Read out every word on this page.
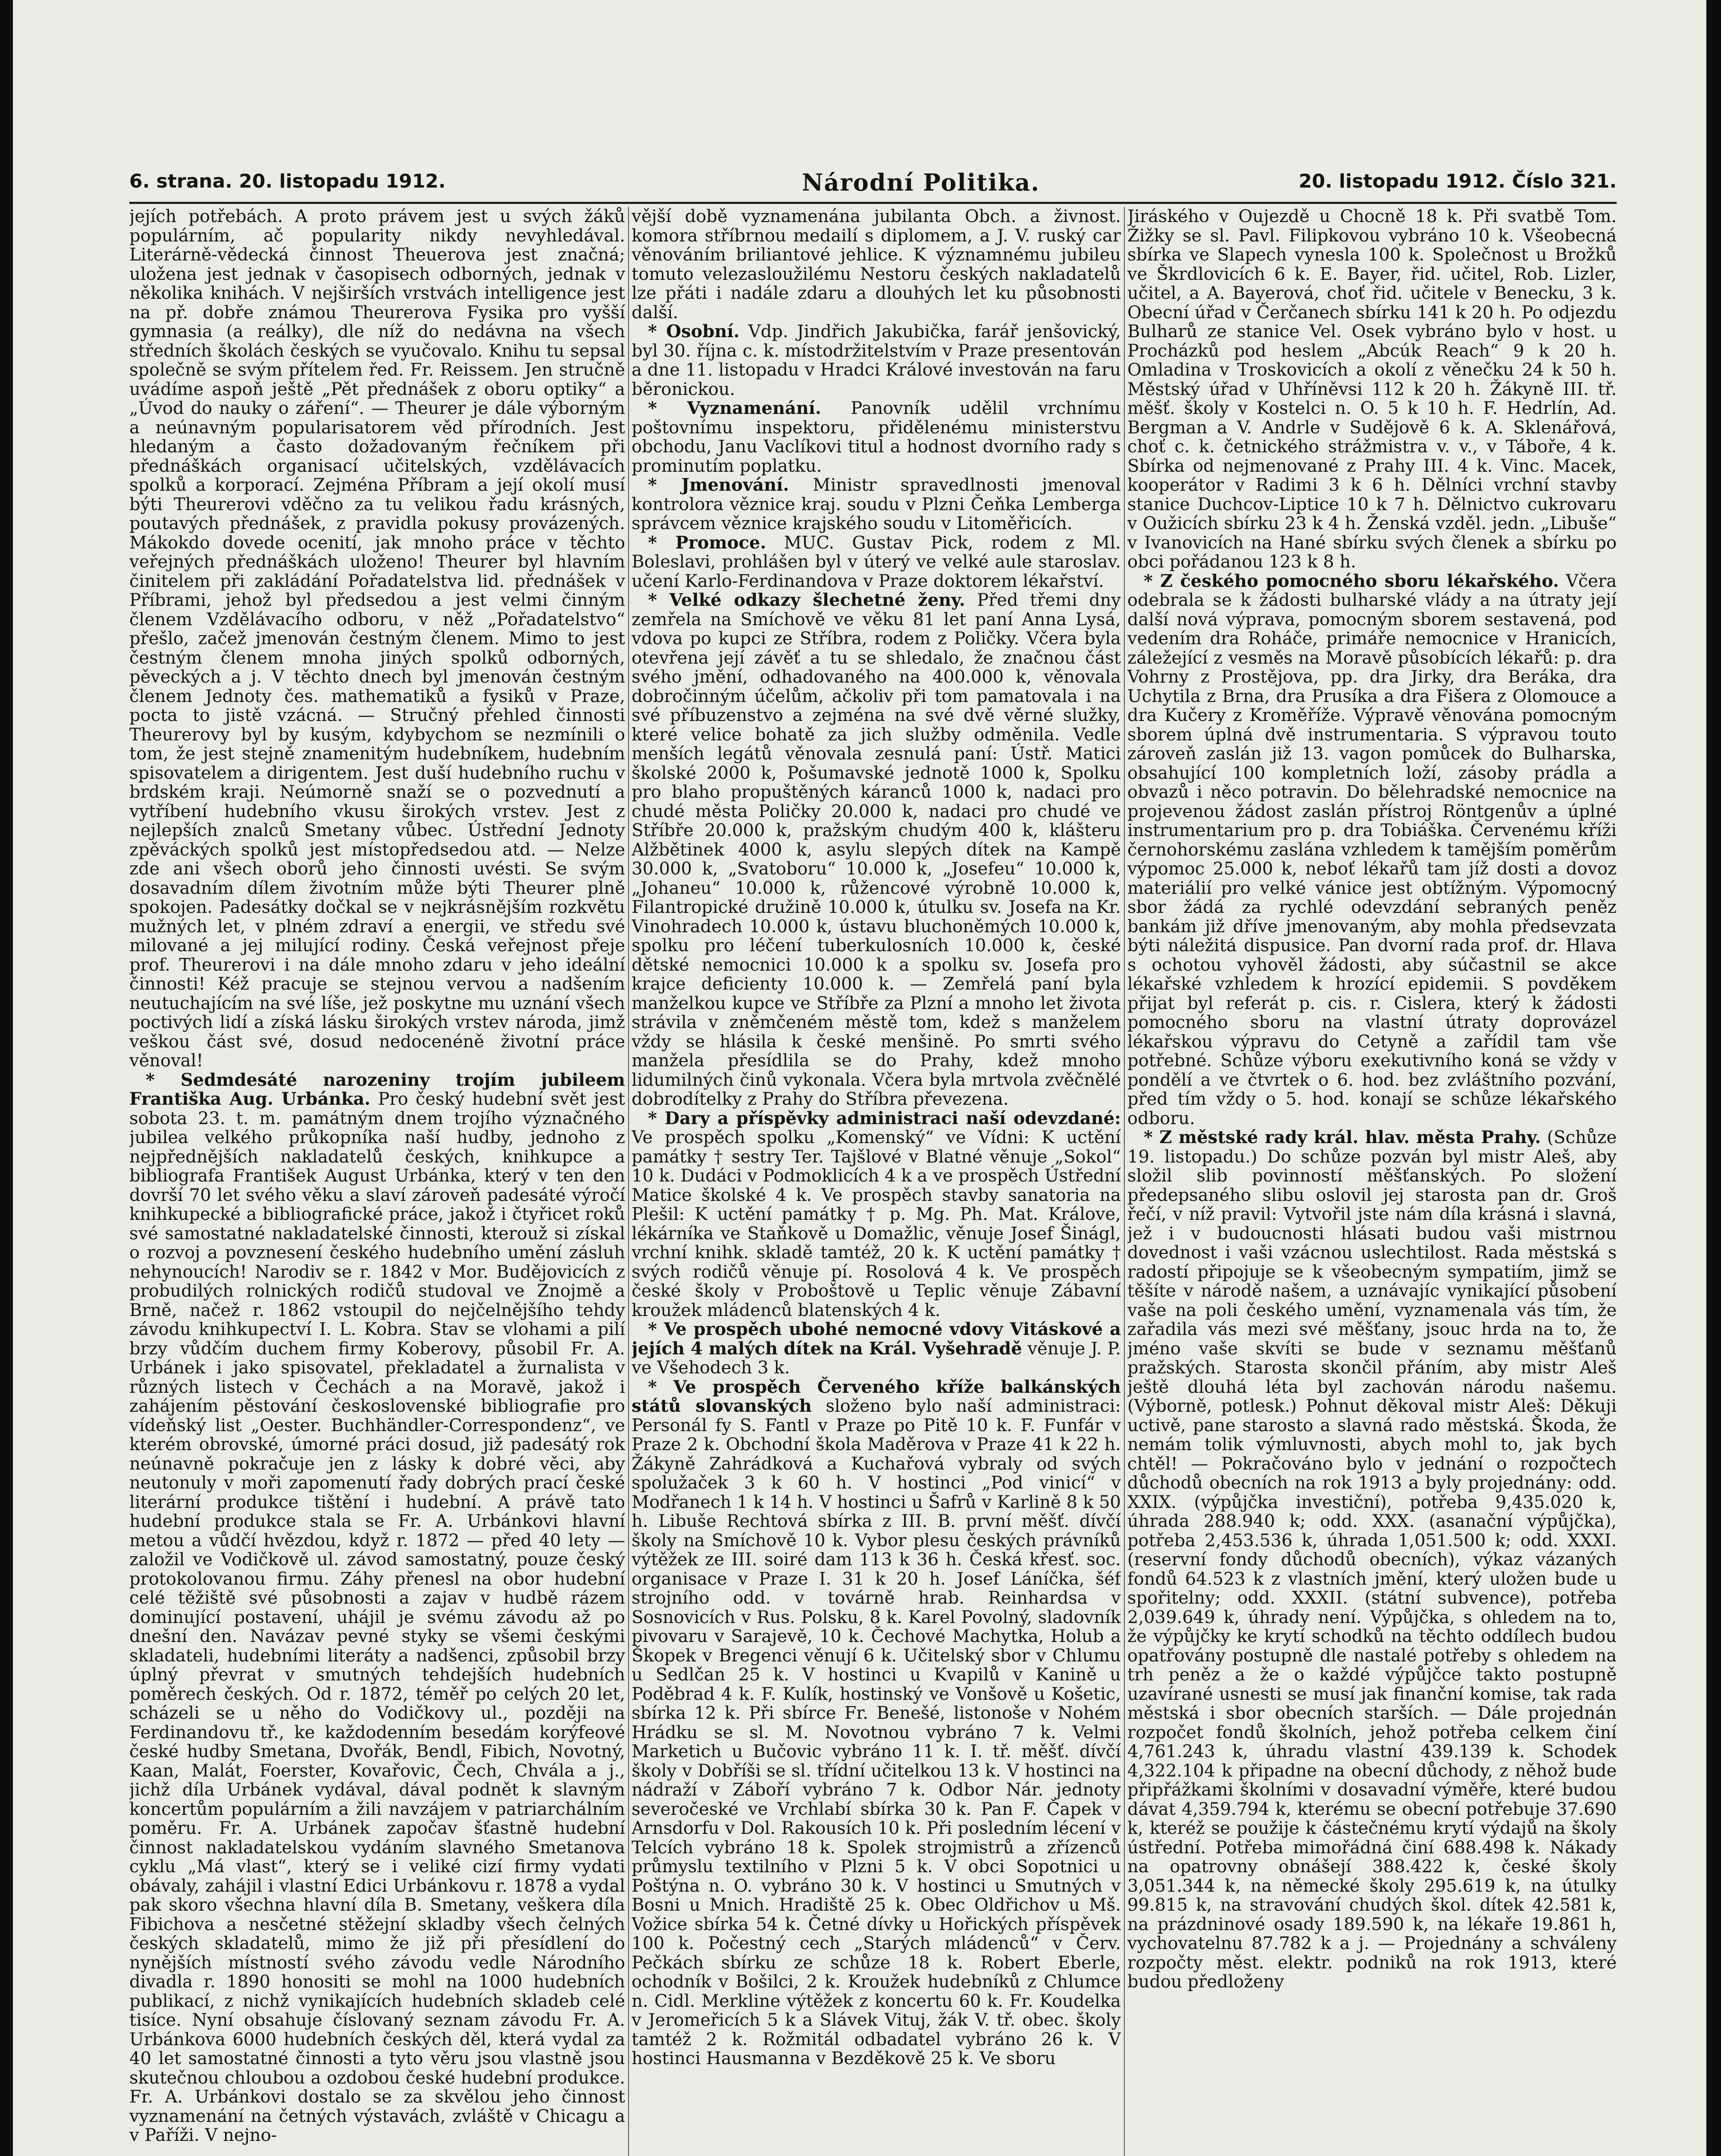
6. strana. 20. listopadu 1912.	Národní Politika.	20. listopadu 1912. Číslo 321.

jejích potřebách. A proto právem jest u svých žáků populárním, ač popularity nikdy nevyhledával. Literárně-vědecká činnost Theuerova jest značná; uložena jest jednak v časopisech odborných, jednak v několika knihách. V nejširších vrstvách intelligence jest na př. dobře známou Theurerova Fysika pro vyšší gymnasia (a reálky), dle níž do nedávna na všech středních školách českých se vyučovalo. Knihu tu sepsal společně se svým přítelem řed. Fr. Reissem. Jen stručně uvádíme aspoň ještě „Pět přednášek z oboru optiky“ a „Úvod do nauky o záření“. — Theurer je dále výborným a neúnavným popularisatorem věd přírodních. Jest hledaným a často dožadovaným řečníkem při přednáškách organisací učitelských, vzdělávacích spolků a korporací. Zejména Příbram a její okolí musí býti Theurerovi vděčno za tu velikou řadu krásných, poutavých přednášek, z pravidla pokusy provázených. Mákokdo dovede ocenití, jak mnoho práce v těchto veřejných přednáškách uloženo! Theurer byl hlavním činitelem při zakládání Pořadatelstva lid. přednášek v Příbrami, jehož byl předsedou a jest velmi činným členem Vzdělávacího odboru, v něž „Pořadatelstvo“ přešlo, začež jmenován čestným členem. Mimo to jest čestným členem mnoha jiných spolků odborných, pěveckých a j. V těchto dnech byl jmenován čestným členem Jednoty čes. mathematiků a fysiků v Praze, pocta to jistě vzácná. — Stručný přehled činnosti Theurerovy byl by kusým, kdybychom se nezmínili o tom, že jest stejně znamenitým hudebníkem, hudebním spisovatelem a dirigentem. Jest duší hudebního ruchu v brdském kraji. Neúmorně snaží se o pozvednutí a vytříbení hudebního vkusu širokých vrstev. Jest z nejlepších znalců Smetany vůbec. Ústřední Jednoty zpěváckých spolků jest místopředsedou atd. — Nelze zde ani všech oborů jeho činnosti uvésti. Se svým dosavadním dílem životním může býti Theurer plně spokojen. Padesátky dočkal se v nejkrásnějším rozkvětu mužných let, v plném zdraví a energii, ve středu své milované a jej milující rodiny. Česká veřejnost přeje prof. Theurerovi i na dále mnoho zdaru v jeho ideální činnosti! Kéž pracuje se stejnou vervou a nadšením neutuchajícím na své líše, jež poskytne mu uznání všech poctivých lidí a získá lásku širokých vrstev národa, jimž veškou část své, dosud nedocenéně životní práce věnoval!

* Sedmdesáté narozeniny trojím jubileem Františka Aug. Urbánka. Pro český hudební svět jest sobota 23. t. m. památným dnem trojího význačného jubilea velkého průkopníka naší hudby, jednoho z nejpřednějších nakladatelů českých, knihkupce a bibliografa František August Urbánka, který v ten den dovrší 70 let svého věku a slaví zároveň padesáté výročí knihkupecké a bibliografické práce, jakož i čtyřicet roků své samostatné nakladatelské činnosti, kterouž si získal o rozvoj a povznesení českého hudebního umění zásluh nehynoucích! Narodiv se r. 1842 v Mor. Budějovicích z probudilých rolnických rodičů studoval ve Znojmě a Brně, načež r. 1862 vstoupil do nejčelnějšího tehdy závodu knihkupectví I. L. Kobra. Stav se vlohami a pilí brzy vůdčím duchem firmy Koberovy, působil Fr. A. Urbánek i jako spisovatel, překladatel a žurnalista v různých listech v Čechách a na Moravě, jakož i zahájením pěstování československé bibliografie pro vídeňský list „Oester. Buchhändler-Correspondenz“, ve kterém obrovské, úmorné práci dosud, již padesátý rok neúnavně pokračuje jen z lásky k dobré věci, aby neutonuly v moři zapomenutí řady dobrých prací české literární produkce tištění i hudební. A právě tato hudební produkce stala se Fr. A. Urbánkovi hlavní metou a vůdčí hvězdou, když r. 1872 — před 40 lety — založil ve Vodičkově ul. závod samostatný, pouze český protokolovanou firmu. Záhy přenesl na obor hudební celé těžiště své působnosti a zajav v hudbě rázem dominující postavení, uhájil je svému závodu až po dnešní den. Navázav pevné styky se všemi českými skladateli, hudebními literáty a nadšenci, způsobil brzy úplný převrat v smutných tehdejších hudebních poměrech českých. Od r. 1872, téměř po celých 20 let, scházeli se u něho do Vodičkovy ul., později na Ferdinandovu tř., ke každodenním besedám korýfeové české hudby Smetana, Dvořák, Bendl, Fibich, Novotný, Kaan, Malát, Foerster, Kovařovic, Čech, Chvála a j., jichž díla Urbánek vydával, dával podnět k slavným koncertům populárním a žili navzájem v patriarchálním poměru. Fr. A. Urbánek započav šťastně hudební činnost nakladatelskou vydáním slavného Smetanova cyklu „Má vlast“, který se i veliké cizí firmy vydati obávaly, zahájil i vlastní Edici Urbánkovu r. 1878 a vydal pak skoro všechna hlavní díla B. Smetany, veškera díla Fibichova a nesčetné stěžejní skladby všech čelných českých skladatelů, mimo že již při přesídlení do nynějších místností svého závodu vedle Národního divadla r. 1890 honositi se mohl na 1000 hudebních publikací, z nichž vynikajících hudebních skladeb celé tisíce. Nyní obsahuje číslovaný seznam závodu Fr. A. Urbánkova 6000 hudebních českých děl, která vydal za 40 let samostatné činnosti a tyto věru jsou vlastně jsou skutečnou chloubou a ozdobou české hudební produkce. Fr. A. Urbánkovi dostalo se za skvělou jeho činnost vyznamenání na četných výstavách, zvláště v Chicagu a v Paříži. V nejno-

vější době vyznamenána jubilanta Obch. a živnost. komora stříbrnou medailí s diplomem, a J. V. ruský car věnováním briliantové jehlice. K významnému jubileu tomuto velezasloužilému Nestoru českých nakladatelů lze přáti i nadále zdaru a dlouhých let ku působnosti další.

* Osobní. Vdp. Jindřich Jakubička, farář jenšovický, byl 30. října c. k. místodržitelstvím v Praze presentován a dne 11. listopadu v Hradci Králové investován na faru běronickou.

* Vyznamenání. Panovník udělil vrchnímu poštovnímu inspektoru, přidělenému ministerstvu obchodu, Janu Vaclíkovi titul a hodnost dvorního rady s prominutím poplatku.

* Jmenování. Ministr spravedlnosti jmenoval kontrolora věznice kraj. soudu v Plzni Čeňka Lemberga správcem věznice krajského soudu v Litoměřicích.

* Promoce. MUC. Gustav Pick, rodem z Ml. Boleslavi, prohlášen byl v úterý ve velké aule staroslav. učení Karlo-Ferdinandova v Praze doktorem lékařství.

* Velké odkazy šlechetné ženy. Před třemi dny zemřela na Smíchově ve věku 81 let paní Anna Lysá, vdova po kupci ze Stříbra, rodem z Poličky. Včera byla otevřena její závěť a tu se shledalo, že značnou část svého jmění, odhadovaného na 400.000 k, věnovala dobročinným účelům, ačkoliv při tom pamatovala i na své příbuzenstvo a zejména na své dvě věrné služky, které velice bohatě za jich služby odměnila. Vedle menších legátů věnovala zesnulá paní: Ústř. Matici školské 2000 k, Pošumavské jednotě 1000 k, Spolku pro blaho propuštěných káranců 1000 k, nadaci pro chudé města Poličky 20.000 k, nadaci pro chudé ve Stříbře 20.000 k, pražským chudým 400 k, klášteru Alžbětinek 4000 k, asylu slepých dítek na Kampě 30.000 k, „Svatoboru“ 10.000 k, „Josefeu“ 10.000 k, „Johaneu“ 10.000 k, růžencové výrobně 10.000 k, Filantropické družině 10.000 k, útulku sv. Josefa na Kr. Vinohradech 10.000 k, ústavu bluchoněmých 10.000 k, spolku pro léčení tuberkulosních 10.000 k, české dětské nemocnici 10.000 k a spolku sv. Josefa pro krajce deficienty 10.000 k. — Zemřelá paní byla manželkou kupce ve Stříbře za Plzní a mnoho let života strávila v zněmčeném městě tom, kdež s manželem vždy se hlásila k české menšině. Po smrti svého manžela přesídlila se do Prahy, kdež mnoho lidumilných činů vykonala. Včera byla mrtvola zvěčnělé dobrodítelky z Prahy do Stříbra převezena.

* Dary a příspěvky administraci naší odevzdané: Ve prospěch spolku „Komenský“ ve Vídni: K uctění památky † sestry Ter. Tajšlové v Blatné věnuje „Sokol“ 10 k. Dudáci v Podmoklicích 4 k a ve prospěch Ústřední Matice školské 4 k. Ve prospěch stavby sanatoria na Plešil: K uctění památky † p. Mg. Ph. Mat. Králove, lékárníka ve Staňkově u Domažlic, věnuje Josef Šinágl, vrchní knihk. skladě tamtéž, 20 k. K uctění památky † svých rodičů věnuje pí. Rosolová 4 k. Ve prospěch české školy v Proboštově u Teplic věnuje Zábavní kroužek mládenců blatenských 4 k.

* Ve prospěch ubohé nemocné vdovy Vitáskové a jejích 4 malých dítek na Král. Vyšehradě věnuje J. P. ve Všehodech 3 k.

* Ve prospěch Červeného kříže balkánských států slovanských složeno bylo naší administraci: Personál fy S. Fantl v Praze po Pitě 10 k. F. Funfár v Praze 2 k. Obchodní škola Maděrova v Praze 41 k 22 h. Žákyně Zahrádková a Kuchařová vybraly od svých spolužaček 3 k 60 h. V hostinci „Pod vinicí“ v Modřanech 1 k 14 h. V hostinci u Šafrů v Karlině 8 k 50 h. Libuše Rechtová sbírka z III. B. první měšť. dívčí školy na Smíchově 10 k. Vybor plesu českých právníků výtěžek ze III. soiré dam 113 k 36 h. Česká křesť. soc. organisace v Praze I. 31 k 20 h. Josef Láníčka, šéf strojního odd. v továrně hrab. Reinhardsa v Sosnovicích v Rus. Polsku, 8 k. Karel Povolný, sladovník pivovaru v Sarajevě, 10 k. Čechové Machytka, Holub a Škopek v Bregenci věnují 6 k. Učitelský sbor v Chlumu u Sedlčan 25 k. V hostinci u Kvapilů v Kanině u Poděbrad 4 k. F. Kulík, hostinský ve Vonšově u Košetic, sbírka 12 k. Při sbírce Fr. Benešé, listonoše v Nohém Hrádku se sl. M. Novotnou vybráno 7 k. Velmi Marketich u Bučovic vybráno 11 k. I. tř. měšť. dívčí školy v Dobříši se sl. třídní učitelkou 13 k. V hostinci na nádraží v Záboří vybráno 7 k. Odbor Nár. jednoty severočeské ve Vrchlabí sbírka 30 k. Pan F. Čapek v Arnsdorfu v Dol. Rakousích 10 k. Při posledním lécení v Telcích vybráno 18 k. Spolek strojmistrů a zřízenců průmyslu textilního v Plzni 5 k. V obci Sopotnici u Poštýna n. O. vybráno 30 k. V hostinci u Smutných v Bosni u Mnich. Hradiště 25 k. Obec Oldřichov u Mš. Vožice sbírka 54 k. Četné dívky u Hořických příspěvek 100 k. Počestný cech „Starých mládenců“ v Červ. Pečkách sbírku ze schůze 18 k. Robert Eberle, ochodník v Bošilci, 2 k. Kroužek hudebníků z Chlumce n. Cidl. Merkline výtěžek z koncertu 60 k. Fr. Koudelka v Jeromeřicích 5 k a Slávek Vituj, žák V. tř. obec. školy tamtéž 2 k. Rožmitál odbadatel vybráno 26 k. V hostinci Hausmanna v Bezděkově 25 k. Ve sboru

Jiráského v Oujezdě u Chocně 18 k. Při svatbě Tom. Žižky se sl. Pavl. Filipkovou vybráno 10 k. Všeobecná sbírka ve Slapech vynesla 100 k. Společnost u Brožků ve Škrdlovicích 6 k. E. Bayer, řid. učitel, Rob. Lizler, učitel, a A. Bayerová, choť řid. učitele v Benecku, 3 k. Obecní úřad v Čerčanech sbírku 141 k 20 h. Po odjezdu Bulharů ze stanice Vel. Osek vybráno bylo v host. u Procházků pod heslem „Abcúk Reach“ 9 k 20 h. Omladina v Troskovicích a okolí z věnečku 24 k 50 h. Městský úřad v Uhříněvsi 112 k 20 h. Žákyně III. tř. měšť. školy v Kostelci n. O. 5 k 10 h. F. Hedrlín, Ad. Bergman a V. Andrle v Sudějově 6 k. A. Sklenářová, choť c. k. četnického strážmistra v. v., v Táboře, 4 k. Sbírka od nejmenované z Prahy III. 4 k. Vinc. Macek, kooperátor v Radimi 3 k 6 h. Dělníci vrchní stavby stanice Duchcov-Liptice 10 k 7 h. Dělnictvo cukrovaru v Oužicích sbírku 23 k 4 h. Ženská vzděl. jedn. „Libuše“ v Ivanovicích na Hané sbírku svých členek a sbírku po obci pořádanou 123 k 8 h.

* Z českého pomocného sboru lékařského. Včera odebrala se k žádosti bulharské vlády a na útraty její další nová výprava, pomocným sborem sestavená, pod vedením dra Roháče, primáře nemocnice v Hranicích, záležející z vesměs na Moravě působících lékařů: p. dra Vohrny z Prostějova, pp. dra Jirky, dra Beráka, dra Uchytila z Brna, dra Prusíka a dra Fišera z Olomouce a dra Kučery z Kroměříže. Výpravě věnována pomocným sborem úplná dvě instrumentaria. S výpravou touto zároveň zaslán již 13. vagon pomůcek do Bulharska, obsahující 100 kompletních loží, zásoby prádla a obvazů i něco potravin. Do bělehradské nemocnice na projevenou žádost zaslán přístroj Röntgenův a úplné instrumentarium pro p. dra Tobiáška. Červenému kříži černohorskému zaslána vzhledem k tamějším poměrům výpomoc 25.000 k, neboť lékařů tam jíž dosti a dovoz materiálií pro velké vánice jest obtížným. Výpomocný sbor žádá za rychlé odevzdání sebraných peněz bankám již dříve jmenovaným, aby mohla předsevzata býti náležitá dispusice. Pan dvorní rada prof. dr. Hlava s ochotou vyhověl žádosti, aby súčastnil se akce lékařské vzhledem k hrozící epidemii. S povděkem přijat byl referát p. cis. r. Cislera, který k žádosti pomocného sboru na vlastní útraty doprovázel lékařskou výpravu do Cetyně a zařídil tam vše potřebné. Schůze výboru exekutivního koná se vždy v pondělí a ve čtvrtek o 6. hod. bez zvláštního pozvání, před tím vždy o 5. hod. konají se schůze lékařského odboru.

* Z městské rady král. hlav. města Prahy. (Schůze 19. listopadu.) Do schůze pozván byl mistr Aleš, aby složil slib povinností měšťanských. Po složení předepsaného slibu oslovil jej starosta pan dr. Groš řečí, v níž pravil: Vytvořil jste nám díla krásná i slavná, jež i v budoucnosti hlásati budou vaši mistrnou dovednost i vaši vzácnou uslechtilost. Rada městská s radostí připojuje se k všeobecným sympatiím, jimž se těšíte v národě našem, a uznávajíc vynikající působení vaše na poli českého umění, vyznamenala vás tím, že zařadila vás mezi své měšťany, jsouc hrda na to, že jméno vaše skvíti se bude v seznamu měšťanů pražských. Starosta skončil přáním, aby mistr Aleš ještě dlouhá léta byl zachován národu našemu. (Výborně, potlesk.) Pohnut děkoval mistr Aleš: Děkuji uctivě, pane starosto a slavná rado městská. Škoda, že nemám tolik výmluvnosti, abych mohl to, jak bych chtěl! — Pokračováno bylo v jednání o rozpočtech důchodů obecních na rok 1913 a byly projednány: odd. XXIX. (výpůjčka investiční), potřeba 9,435.020 k, úhrada 288.940 k; odd. XXX. (asanační výpůjčka), potřeba 2,453.536 k, úhrada 1,051.500 k; odd. XXXI. (reservní fondy důchodů obecních), výkaz vázaných fondů 64.523 k z vlastních jmění, který uložen bude u spořitelny; odd. XXXII. (státní subvence), potřeba 2,039.649 k, úhrady není. Výpůjčka, s ohledem na to, že výpůjčky ke krytí schodků na těchto oddílech budou opatřovány postupně dle nastalé potřeby s ohledem na trh peněz a že o každé výpůjčce takto postupně uzavírané usnesti se musí jak finanční komise, tak rada městská i sbor obecních starších. — Dále projednán rozpočet fondů školních, jehož potřeba celkem činí 4,761.243 k, úhradu vlastní 439.139 k. Schodek 4,322.104 k připadne na obecní důchody, z něhož bude připřážkami školními v dosavadní výměře, které budou dávat 4,359.794 k, kterému se obecní potřebuje 37.690 k, kteréž se použije k částečnému krytí výdajů na školy ústřední. Potřeba mimořádná činí 688.498 k. Nákady na opatrovny obnášejí 388.422 k, české školy 3,051.344 k, na německé školy 295.619 k, na útulky 99.815 k, na stravování chudých škol. dítek 42.581 k, na prázdninové osady 189.590 k, na lékaře 19.861 h, vychovatelnu 87.782 k a j. — Projednány a schváleny rozpočty měst. elektr. podniků na rok 1913, které budou předloženy
